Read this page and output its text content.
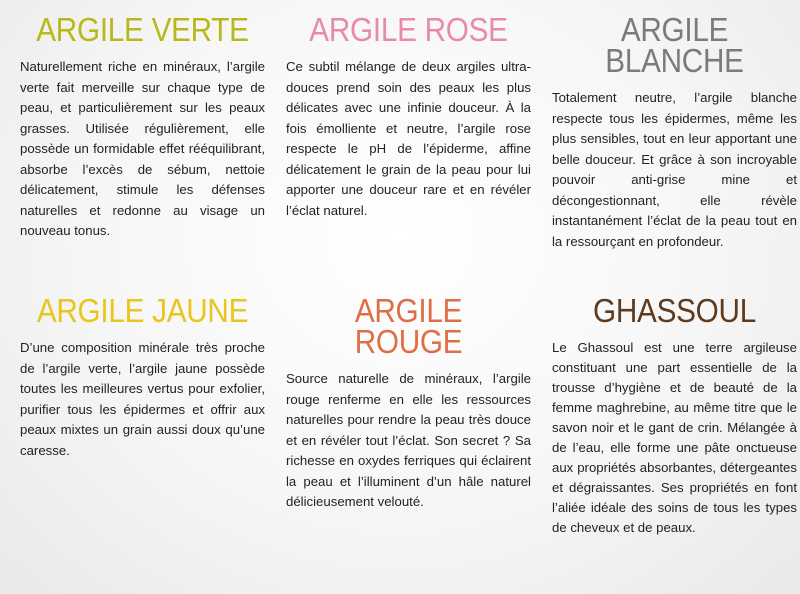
ARGILE VERTE

Naturellement riche en minéraux, l’argile verte fait merveille sur chaque type de peau, et particulièrement sur les peaux grasses. Utilisée régulièrement, elle possède un formidable effet rééquilibrant, absorbe l’excès de sébum, nettoie délicatement, stimule les défenses naturelles et redonne au visage un nouveau tonus.

ARGILE ROSE

Ce subtil mélange de deux argiles ultra-douces prend soin des peaux les plus délicates avec une infinie douceur. À la fois émolliente et neutre, l’argile rose respecte le pH de l’épiderme, affine délicatement le grain de la peau pour lui apporter une douceur rare et en révéler l’éclat naturel.

ARGILE
BLANCHE

Totalement neutre, l’argile blanche respecte tous les épidermes, même les plus sensibles, tout en leur apportant une belle douceur. Et grâce à son incroyable pouvoir anti-grise mine et décongestionnant, elle révèle instantanément l’éclat de la peau tout en la ressourçant en profondeur.

ARGILE JAUNE

D’une composition minérale très proche de l’argile verte, l’argile jaune possède toutes les meilleures vertus pour exfolier, purifier tous les épidermes et offrir aux peaux mixtes un grain aussi doux qu’une caresse.

ARGILE ROUGE

Source naturelle de minéraux, l’argile rouge renferme en elle les ressources naturelles pour rendre la peau très douce et en révéler tout l’éclat. Son secret ? Sa richesse en oxydes ferriques qui éclairent la peau et l’illuminent d’un hâle naturel délicieusement velouté.

GHASSOUL

Le Ghassoul est une terre argileuse constituant une part essentielle de la trousse d’hygiène et de beauté de la femme maghrebine, au même titre que le savon noir et le gant de crin. Mélangée à de l’eau, elle forme une pâte onctueuse aux propriétés absorbantes, détergeantes et dégraissantes. Ses propriétés en font l’aliée idéale des soins de tous les types de cheveux et de peaux.
